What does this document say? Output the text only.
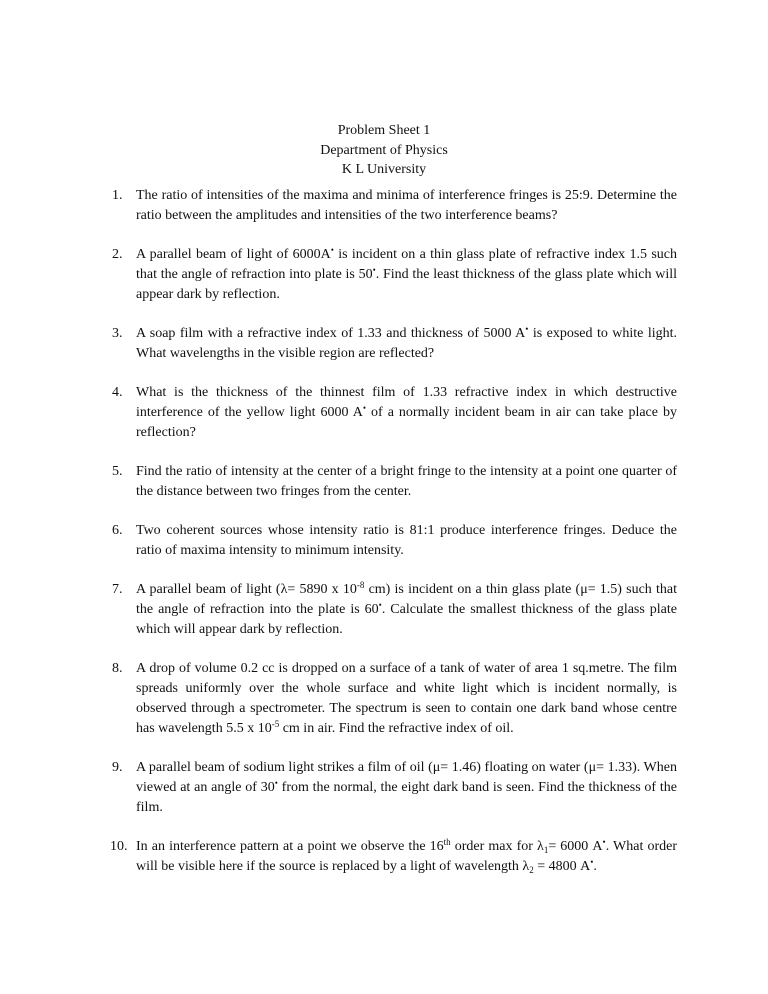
Problem Sheet 1
Department of Physics
K L University
1. The ratio of intensities of the maxima and minima of interference fringes is 25:9. Determine the ratio between the amplitudes and intensities of the two interference beams?
2. A parallel beam of light of 6000A• is incident on a thin glass plate of refractive index 1.5 such that the angle of refraction into plate is 50•. Find the least thickness of the glass plate which will appear dark by reflection.
3. A soap film with a refractive index of 1.33 and thickness of 5000 A• is exposed to white light. What wavelengths in the visible region are reflected?
4. What is the thickness of the thinnest film of 1.33 refractive index in which destructive interference of the yellow light 6000 A• of a normally incident beam in air can take place by reflection?
5. Find the ratio of intensity at the center of a bright fringe to the intensity at a point one quarter of the distance between two fringes from the center.
6. Two coherent sources whose intensity ratio is 81:1 produce interference fringes. Deduce the ratio of maxima intensity to minimum intensity.
7. A parallel beam of light (λ= 5890 x $10^{-8}$ cm) is incident on a thin glass plate (μ= 1.5) such that the angle of refraction into the plate is 60•. Calculate the smallest thickness of the glass plate which will appear dark by reflection.
8. A drop of volume 0.2 cc is dropped on a surface of a tank of water of area 1 sq.metre. The film spreads uniformly over the whole surface and white light which is incident normally, is observed through a spectrometer. The spectrum is seen to contain one dark band whose centre has wavelength 5.5 x $10^{-5}$ cm in air. Find the refractive index of oil.
9. A parallel beam of sodium light strikes a film of oil (μ= 1.46) floating on water (μ= 1.33). When viewed at an angle of 30• from the normal, the eight dark band is seen. Find the thickness of the film.
10. In an interference pattern at a point we observe the 16th order max for $\lambda_1= 6000$ A•. What order will be visible here if the source is replaced by a light of wavelength $\lambda_2 = 4800$ A•.
